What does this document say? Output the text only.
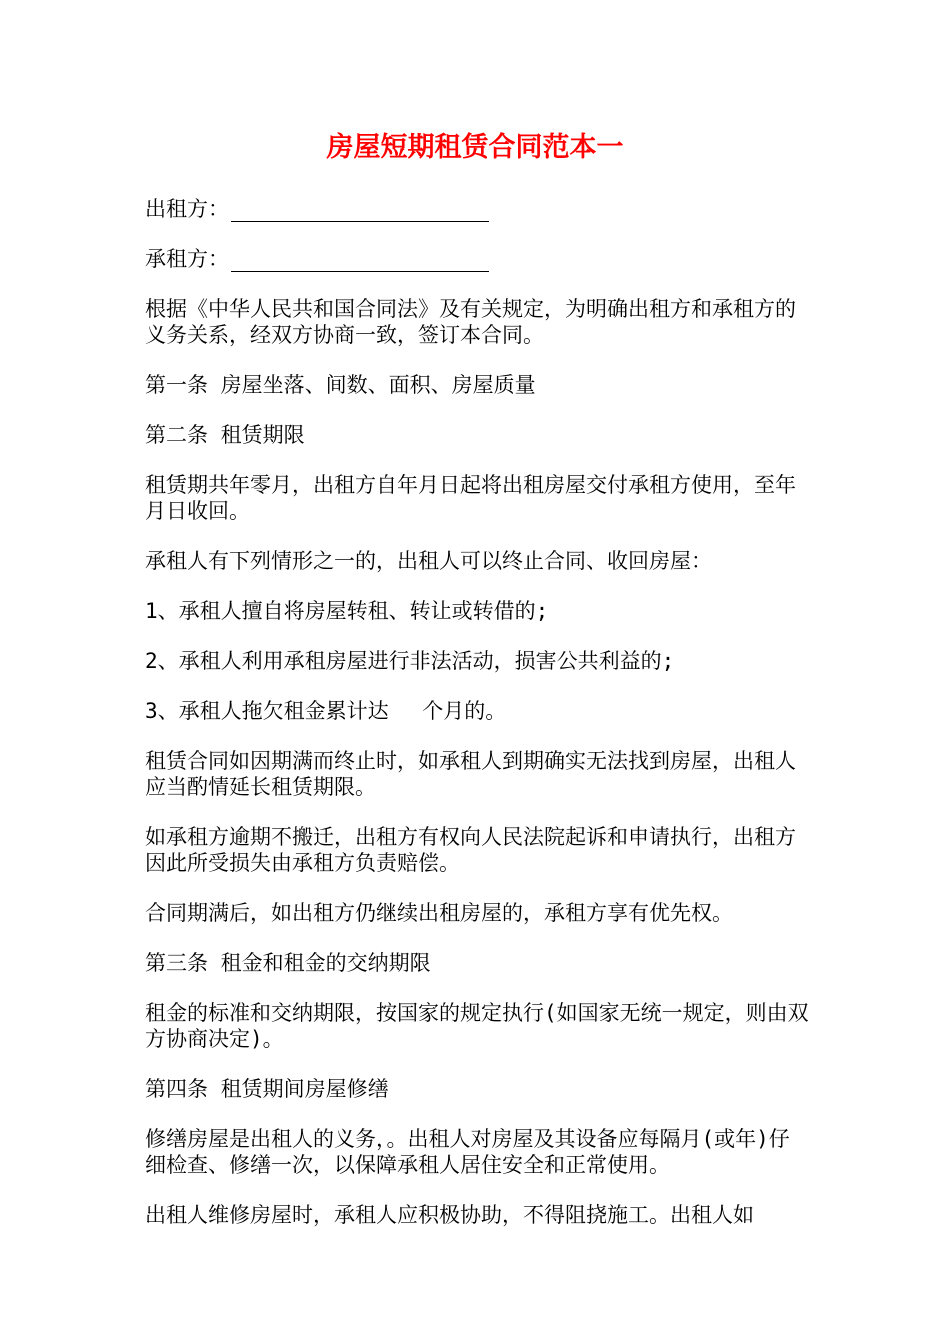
房屋短期租赁合同范本一

出租方：

承租方：

根据《中华人民共和国合同法》及有关规定，为明确出租方和承租方的义务关系，经双方协商一致，签订本合同。

第一条 房屋坐落、间数、面积、房屋质量

第二条 租赁期限

租赁期共年零月，出租方自年月日起将出租房屋交付承租方使用，至年月日收回。

承租人有下列情形之一的，出租人可以终止合同、收回房屋：

1、承租人擅自将房屋转租、转让或转借的;

2、承租人利用承租房屋进行非法活动，损害公共利益的;

3、承租人拖欠租金累计达　 个月的。

租赁合同如因期满而终止时，如承租人到期确实无法找到房屋，出租人应当酌情延长租赁期限。

如承租方逾期不搬迁，出租方有权向人民法院起诉和申请执行，出租方因此所受损失由承租方负责赔偿。

合同期满后，如出租方仍继续出租房屋的，承租方享有优先权。

第三条 租金和租金的交纳期限

租金的标准和交纳期限，按国家的规定执行(如国家无统一规定，则由双方协商决定)。

第四条 租赁期间房屋修缮

修缮房屋是出租人的义务，。出租人对房屋及其设备应每隔月(或年)仔细检查、修缮一次，以保障承租人居住安全和正常使用。

出租人维修房屋时，承租人应积极协助，不得阻挠施工。出租人如
